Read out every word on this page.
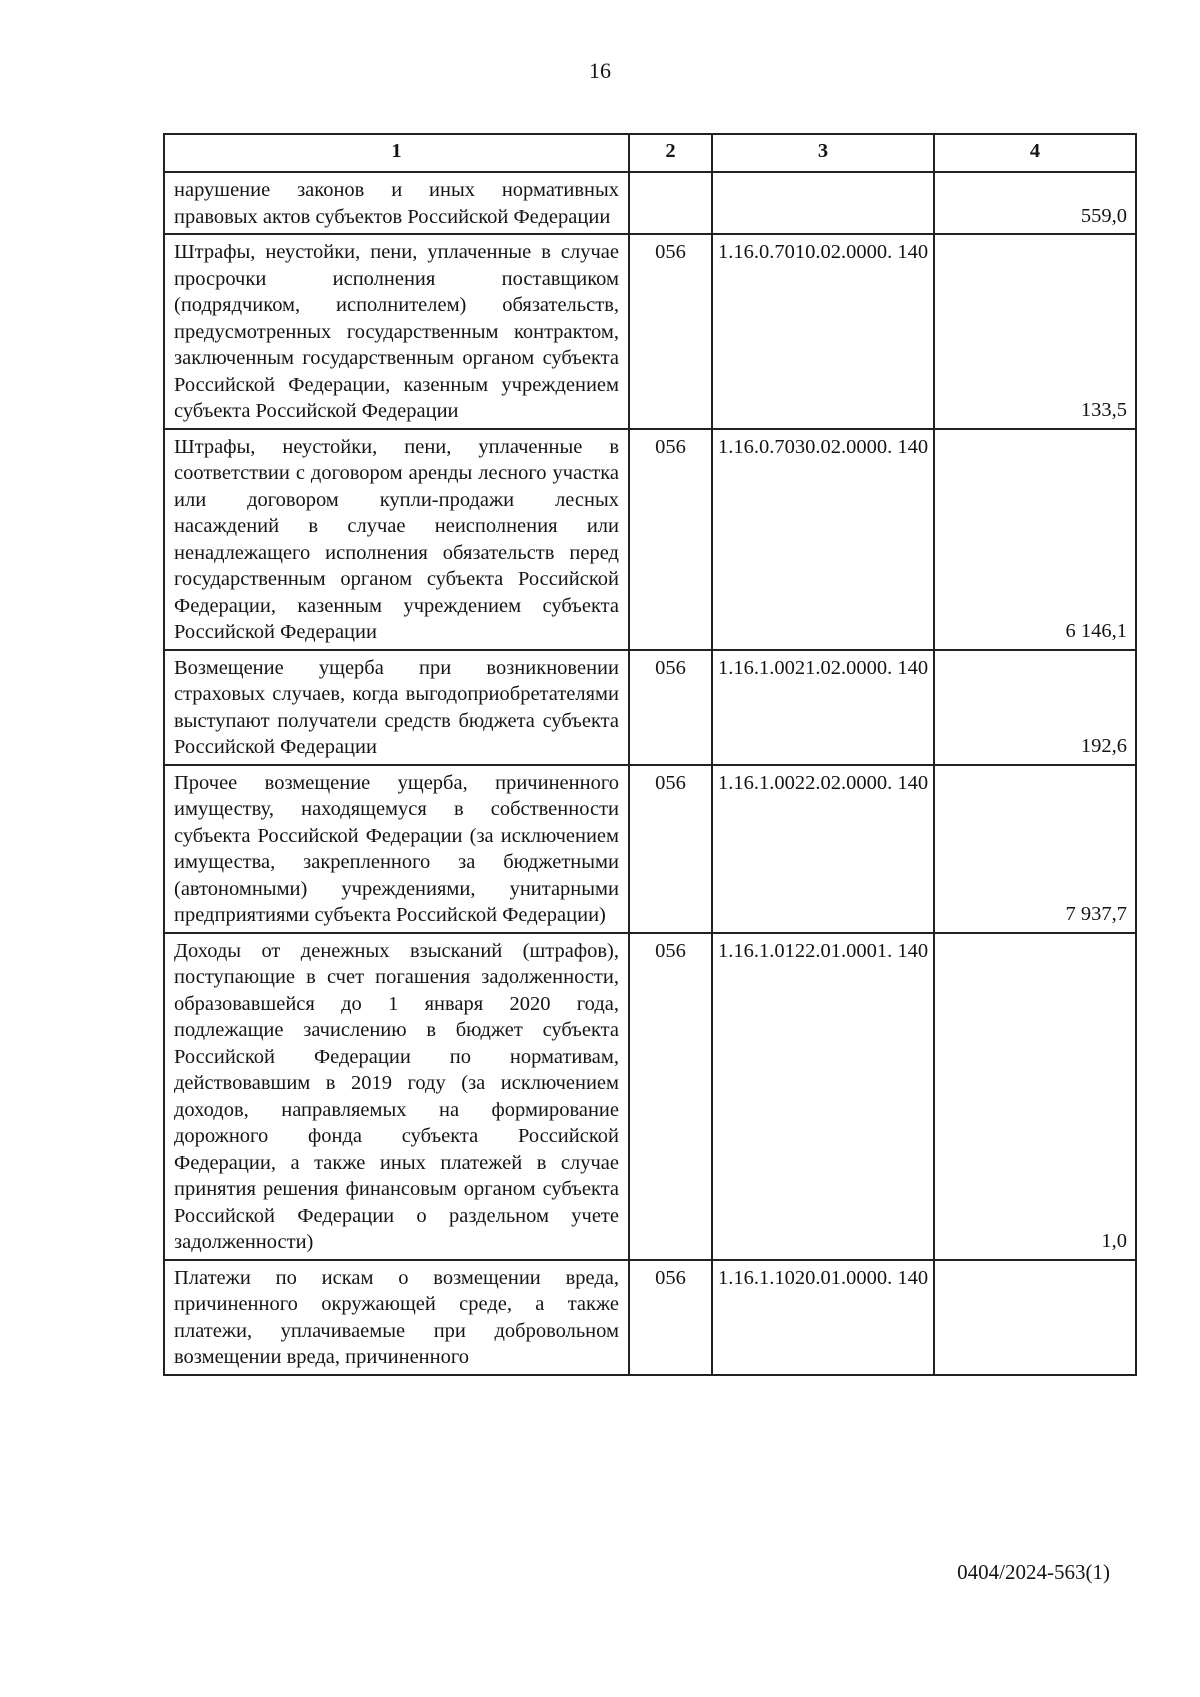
16
1	2	3	4
нарушение законов и иных нормативных правовых актов субъектов Российской Федерации			559,0
Штрафы, неустойки, пени, уплаченные в случае просрочки исполнения поставщиком (подрядчиком, исполнителем) обязательств, предусмотренных государственным контрактом, заключенным государственным органом субъекта Российской Федерации, казенным учреждением субъекта Российской Федерации	056	1.16.0.7010.02.0000. 140	133,5
Штрафы, неустойки, пени, уплаченные в соответствии с договором аренды лесного участка или договором купли-продажи лесных насаждений в случае неисполнения или ненадлежащего исполнения обязательств перед государственным органом субъекта Российской Федерации, казенным учреждением субъекта Российской Федерации	056	1.16.0.7030.02.0000. 140	6 146,1
Возмещение ущерба при возникновении страховых случаев, когда выгодоприобретателями выступают получатели средств бюджета субъекта Российской Федерации	056	1.16.1.0021.02.0000. 140	192,6
Прочее возмещение ущерба, причиненного имуществу, находящемуся в собственности субъекта Российской Федерации (за исключением имущества, закрепленного за бюджетными (автономными) учреждениями, унитарными предприятиями субъекта Российской Федерации)	056	1.16.1.0022.02.0000. 140	7 937,7
Доходы от денежных взысканий (штрафов), поступающие в счет погашения задолженности, образовавшейся до 1 января 2020 года, подлежащие зачислению в бюджет субъекта Российской Федерации по нормативам, действовавшим в 2019 году (за исключением доходов, направляемых на формирование дорожного фонда субъекта Российской Федерации, а также иных платежей в случае принятия решения финансовым органом субъекта Российской Федерации о раздельном учете задолженности)	056	1.16.1.0122.01.0001. 140	1,0
Платежи по искам о возмещении вреда, причиненного окружающей среде, а также платежи, уплачиваемые при добровольном возмещении вреда, причиненного	056	1.16.1.1020.01.0000. 140	
0404/2024-563(1)
